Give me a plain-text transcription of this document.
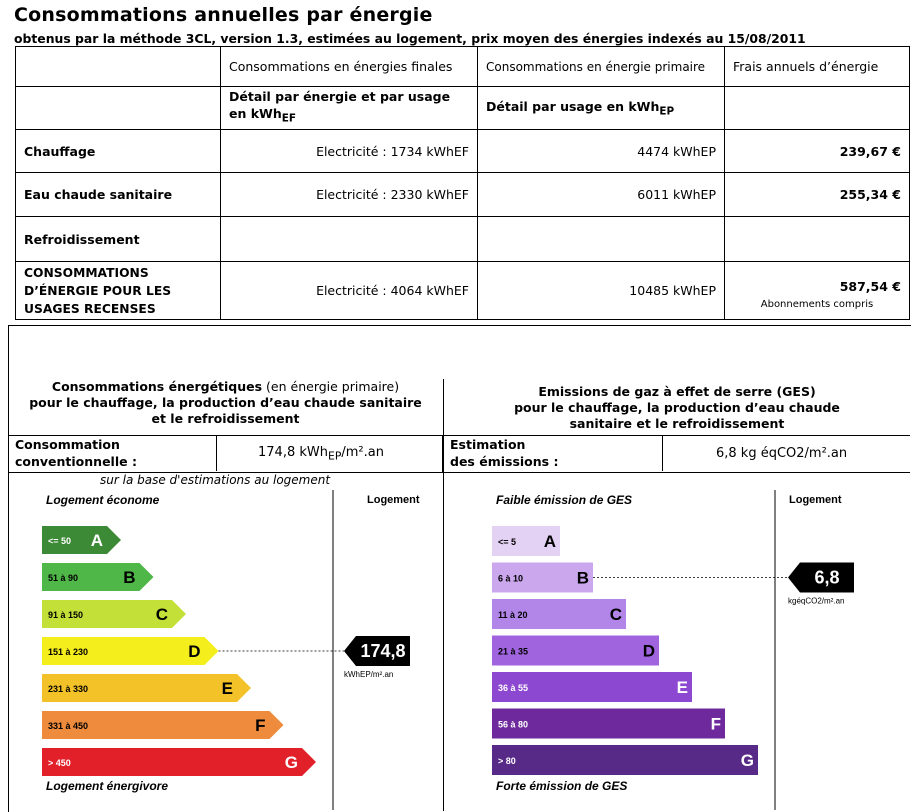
Consommations annuelles par énergie
obtenus par la méthode 3CL, version 1.3, estimées au logement, prix moyen des énergies indexés au 15/08/2011
	Consommations en énergies finales	Consommations en énergie primaire	Frais annuels d’énergie
	Détail par énergie et par usage en kWh$_{EF}$	Détail par usage en kWh$_{EP}$	
Chauffage	Electricité : 1734 kWhEF	4474 kWhEP	239,67 €
Eau chaude sanitaire	Electricité : 2330 kWhEF	6011 kWhEP	255,34 €
Refroidissement			
CONSOMMATIONS D’ÉNERGIE POUR LES USAGES RECENSES	Electricité : 4064 kWhEF	10485 kWhEP	587,54 €
Abonnements compris
Consommations énergétiques (en énergie primaire)
pour le chauffage, la production d’eau chaude sanitaire
et le refroidissement
Consommation
conventionnelle :
174,8 kWh$_{EP}$/m².an
sur la base d'estimations au logement
Emissions de gaz à effet de serre (GES)
pour le chauffage, la production d’eau chaude
sanitaire et le refroidissement
Estimation
des émissions :
6,8 kg éqCO2/m².an
Logement économe
Logement énergivore
Logement
<= 50 A
51 à 90	B
91 à 150	C
151 à 230	D
231 à 330	E
331 à 450	F
> 450	G
174,8
kWhEP/m².an
Faible émission de GES
Forte émission de GES
Logement
<= 5 A
6 à 10	B
11 à 20	C
21 à 35	D
36 à 55	E
56 à 80	F
> 80	G
6,8
kgéqCO2/m².an
